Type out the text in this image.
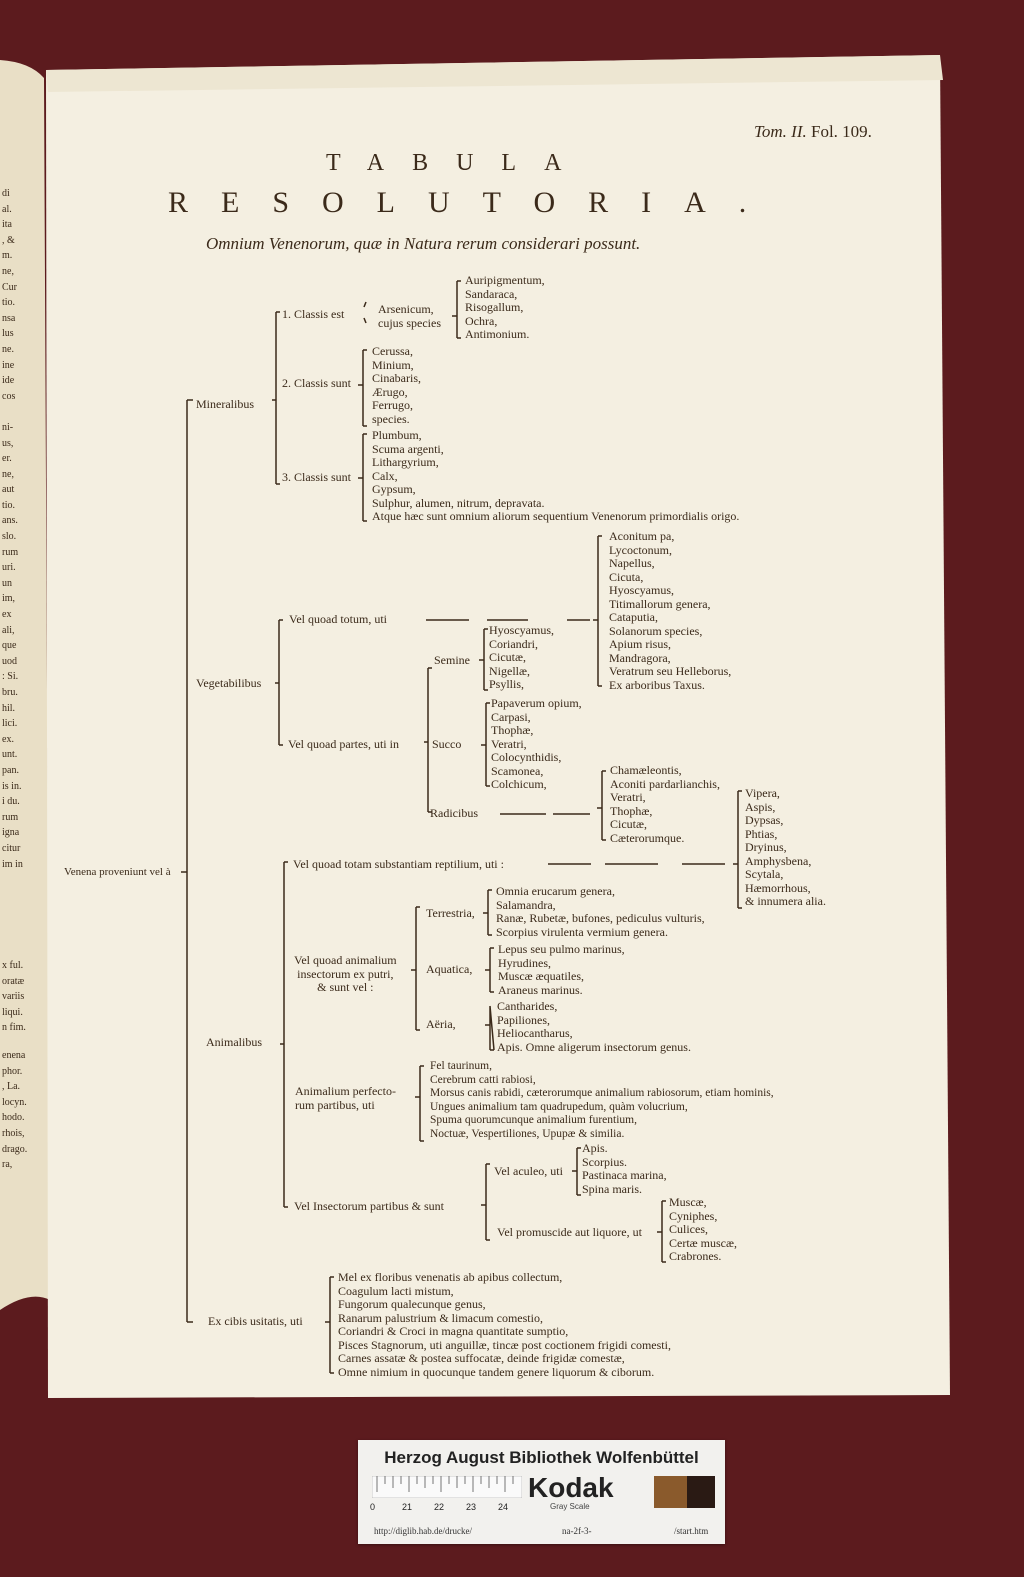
di
al.
ita
, &
m.
ne,
Cur
tio.
nsa
lus
ne.
ine
ide
cos
ni-
us,
er.
ne,
aut
tio.
ans.
slo.
rum
uri.
un
im,
ex
ali,
que
uod
: Si.
bru.
hil.
lici.
ex.
unt.
pan.
is in.
i du.
rum
igna
citur
im in
x ful.
oratæ
variis
liqui.
n fim.
enena
phor.
, La.
locyn.
hodo.
rhois,
drago.
ra,
Tom. II. Fol. 109.
TABULA
RESOLUTORIA.
Omnium Venenorum, quæ in Natura rerum considerari possunt.
Venena proveniunt vel à
Mineralibus
1. Classis est	Arsenicum,
cujus species
Auripigmentum,
Sandaraca,
Risogallum,
Ochra,
Antimonium.
2. Classis sunt
Cerussa,
Minium,
Cinabaris,
Ærugo,
Ferrugo,
species.
3. Classis sunt
Plumbum,
Scuma argenti,
Lithargyrium,
Calx,
Gypsum,
Sulphur, alumen, nitrum, depravata.
Atque hæc sunt omnium aliorum sequentium Venenorum primordialis origo.
Vegetabilibus
Vel quoad totum, uti
Aconitum pa,
Lycoctonum,
Napellus,
Cicuta,
Hyoscyamus,
Titimallorum genera,
Cataputia,
Solanorum species,
Apium risus,
Mandragora,
Veratrum seu Helleborus,
Ex arboribus Taxus.
Vel quoad partes, uti in
Semine
Hyoscyamus,
Coriandri,
Cicutæ,
Nigellæ,
Psyllis,
Succo
Papaverum opium,
Carpasi,
Thophæ,
Veratri,
Colocynthidis,
Scamonea,
Colchicum,
Radicibus
Chamæleontis,
Aconiti pardarlianchis,
Veratri,
Thophæ,
Cicutæ,
Cæterorumque.
Animalibus
Vel quoad totam substantiam reptilium, uti :
Vipera,
Aspis,
Dypsas,
Phtias,
Dryinus,
Amphysbena,
Scytala,
Hæmorrhous,
& innumera alia.
Vel quoad animalium
insectorum ex putri,
& sunt vel :
Terrestria,
Omnia erucarum genera,
Salamandra,
Ranæ, Rubetæ, bufones, pediculus vulturis,
Scorpius virulenta vermium genera.
Aquatica,
Lepus seu pulmo marinus,
Hyrudines,
Muscæ æquatiles,
Araneus marinus.
Aëria,
Cantharides,
Papiliones,
Heliocantharus,
Apis. Omne aligerum insectorum genus.
Animalium perfecto-
rum partibus, uti
Fel taurinum,
Cerebrum catti rabiosi,
Morsus canis rabidi, cæterorumque animalium rabiosorum, etiam hominis,
Ungues animalium tam quadrupedum, quàm volucrium,
Spuma quorumcunque animalium furentium,
Noctuæ, Vespertiliones, Upupæ & similia.
Vel Insectorum partibus & sunt
Vel aculeo, uti
Apis.
Scorpius.
Pastinaca marina,
Spina maris.
Vel promuscide aut liquore, ut
Muscæ,
Cyniphes,
Culices,
Certæ muscæ,
Crabrones.
Ex cibis usitatis, uti
Mel ex floribus venenatis ab apibus collectum,
Coagulum lacti mistum,
Fungorum qualecunque genus,
Ranarum palustrium & limacum comestio,
Coriandri & Croci in magna quantitate sumptio,
Pisces Stagnorum, uti anguillæ, tincæ post coctionem frigidi comesti,
Carnes assatæ & postea suffocatæ, deinde frigidæ comestæ,
Omne nimium in quocunque tandem genere liquorum & ciborum.
Herzog August Bibliothek Wolfenbüttel
0	21 22 23 24
Kodak
Gray Scale
http://diglib.hab.de/drucke/	na-2f-3-	/start.htm
